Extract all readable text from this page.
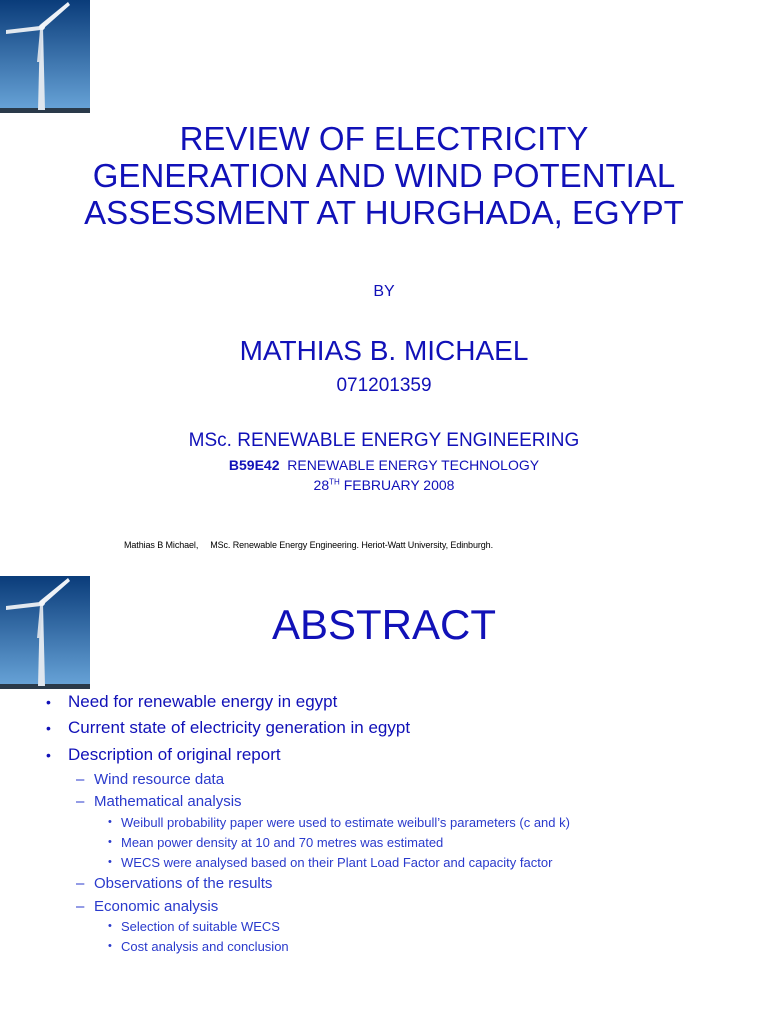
REVIEW OF ELECTRICITY
GENERATION AND WIND POTENTIAL
ASSESSMENT AT HURGHADA, EGYPT
BY
MATHIAS B. MICHAEL
071201359
MSc. RENEWABLE ENERGY ENGINEERING
B59E42 RENEWABLE ENERGY TECHNOLOGY
28TH FEBRUARY 2008
Mathias B Michael, MSc. Renewable Energy Engineering. Heriot-Watt University, Edinburgh.
ABSTRACT
• Need for renewable energy in egypt
• Current state of electricity generation in egypt
• Description of original report
– Wind resource data
– Mathematical analysis
• Weibull probability paper were used to estimate weibull’s parameters (c and k)
• Mean power density at 10 and 70 metres was estimated
• WECS were analysed based on their Plant Load Factor and capacity factor
– Observations of the results
– Economic analysis
• Selection of suitable WECS
• Cost analysis and conclusion
